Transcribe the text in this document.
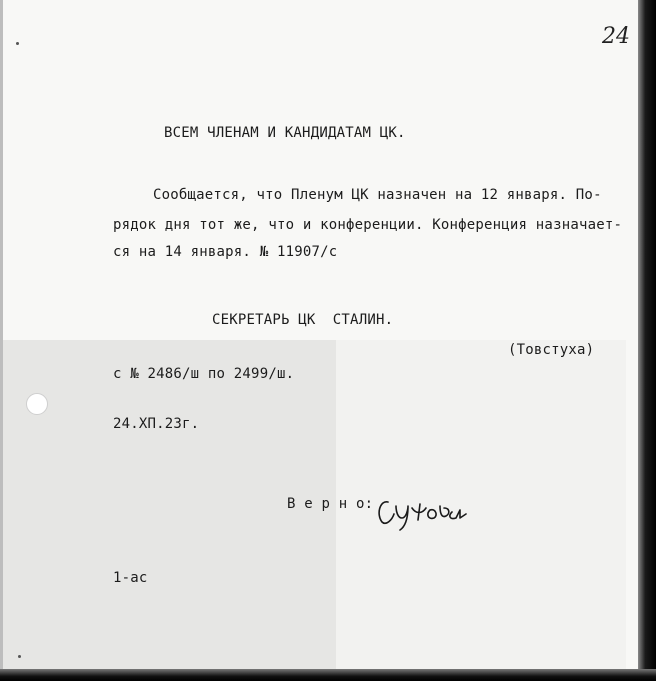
24
ВСЕМ ЧЛЕНАМ И КАНДИДАТАМ ЦК.
Сообщается, что Пленум ЦК назначен на 12 января. По-
рядок дня тот же, что и конференции. Конференция назначает-
ся на 14 января. № 11907/с
СЕКРЕТАРЬ ЦК  СТАЛИН.
(Товстуха)
с № 2486/ш по 2499/ш.
24.ХП.23г.
В е р н о:
1-ас
